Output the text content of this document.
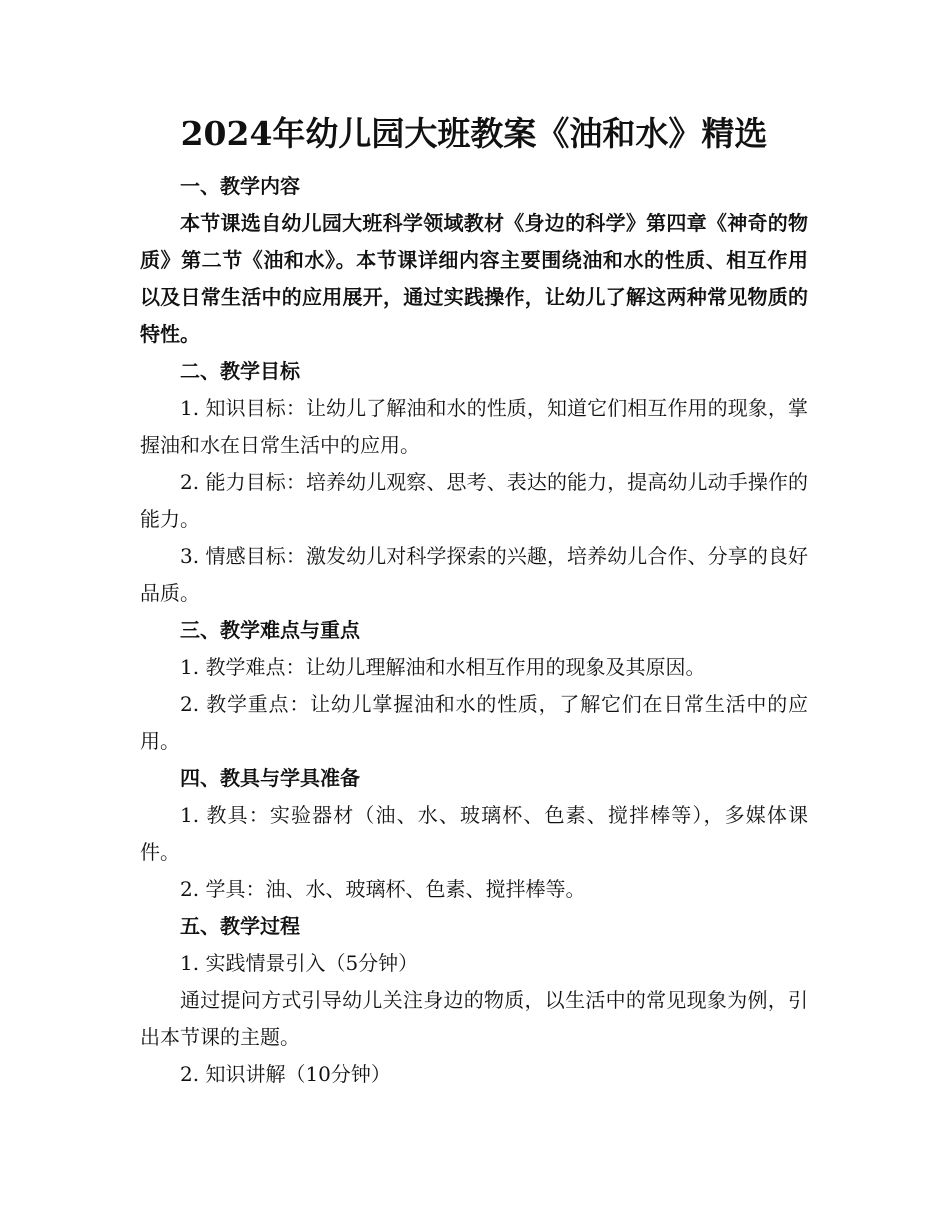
2024年幼儿园大班教案《油和水》精选

一、教学内容

本节课选自幼儿园大班科学领域教材《身边的科学》第四章《神奇的物质》第二节《油和水》。本节课详细内容主要围绕油和水的性质、相互作用以及日常生活中的应用展开，通过实践操作，让幼儿了解这两种常见物质的特性。

二、教学目标

1. 知识目标：让幼儿了解油和水的性质，知道它们相互作用的现象，掌握油和水在日常生活中的应用。

2. 能力目标：培养幼儿观察、思考、表达的能力，提高幼儿动手操作的能力。

3. 情感目标：激发幼儿对科学探索的兴趣，培养幼儿合作、分享的良好品质。

三、教学难点与重点

1. 教学难点：让幼儿理解油和水相互作用的现象及其原因。

2. 教学重点：让幼儿掌握油和水的性质，了解它们在日常生活中的应用。

四、教具与学具准备

1. 教具：实验器材（油、水、玻璃杯、色素、搅拌棒等），多媒体课件。

2. 学具：油、水、玻璃杯、色素、搅拌棒等。

五、教学过程

1. 实践情景引入（5分钟）

通过提问方式引导幼儿关注身边的物质，以生活中的常见现象为例，引出本节课的主题。

2. 知识讲解（10分钟）
